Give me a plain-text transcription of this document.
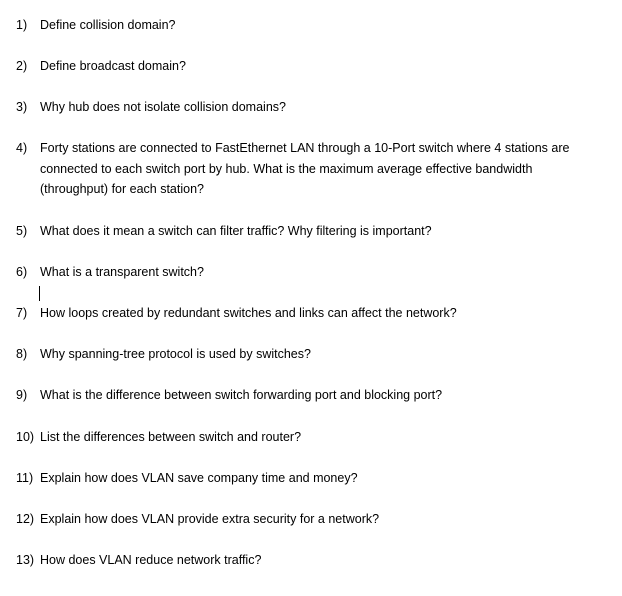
1) Define collision domain?
2) Define broadcast domain?
3) Why hub does not isolate collision domains?
4) Forty stations are connected to FastEthernet LAN through a 10-Port switch where 4 stations are
connected to each switch port by hub. What is the maximum average effective bandwidth
(throughput) for each station?
5) What does it mean a switch can filter traffic? Why filtering is important?
6) What is a transparent switch?
7) How loops created by redundant switches and links can affect the network?
8) Why spanning-tree protocol is used by switches?
9) What is the difference between switch forwarding port and blocking port?
10) List the differences between switch and router?
11) Explain how does VLAN save company time and money?
12) Explain how does VLAN provide extra security for a network?
13) How does VLAN reduce network traffic?
